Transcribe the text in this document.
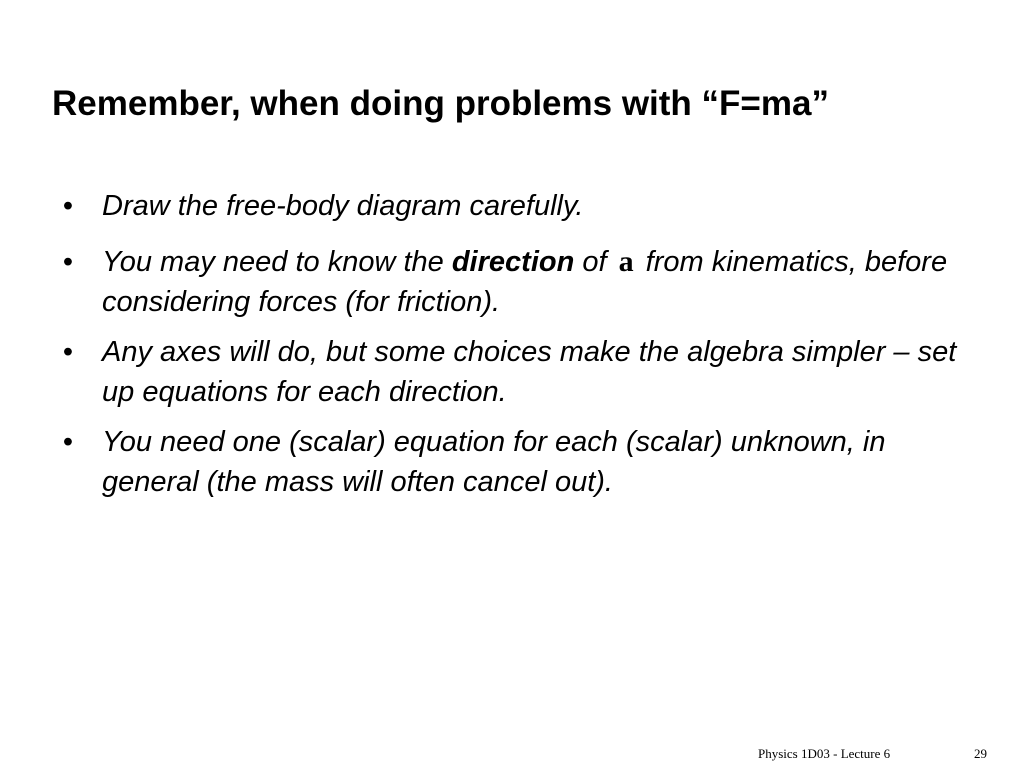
Remember, when doing problems with “F=ma”
• Draw the free-body diagram carefully.
• You may need to know the direction of a from kinematics, before considering forces (for friction).
• Any axes will do, but some choices make the algebra simpler – set up equations for each direction.
• You need one (scalar) equation for each (scalar) unknown, in general (the mass will often cancel out).
Physics 1D03 - Lecture 6	29
